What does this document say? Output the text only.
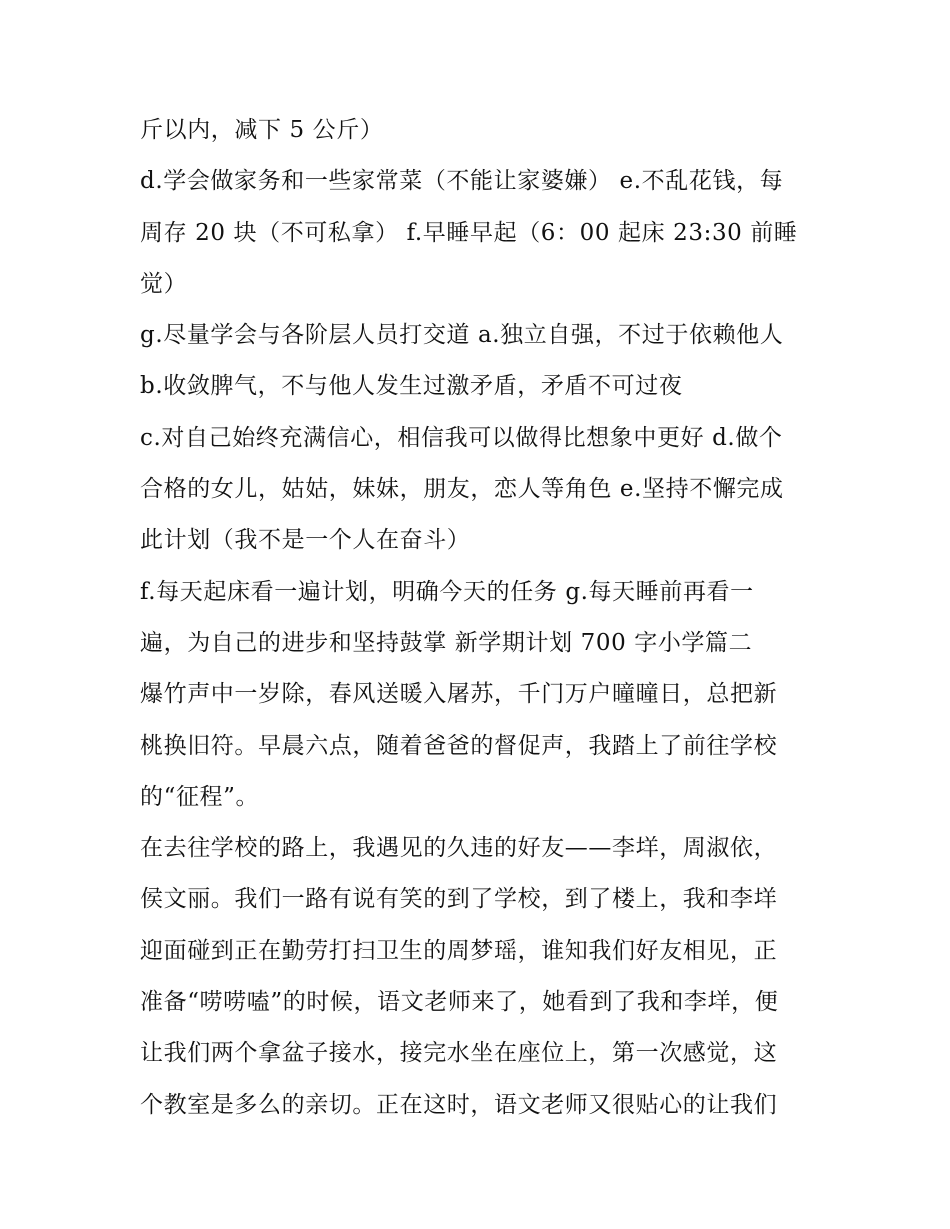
斤以内，减下 5 公斤）
d.学会做家务和一些家常菜（不能让家婆嫌） e.不乱花钱，每
周存 20 块（不可私拿） f.早睡早起（6：00 起床 23:30 前睡
觉）
g.尽量学会与各阶层人员打交道 a.独立自强，不过于依赖他人
b.收敛脾气，不与他人发生过激矛盾，矛盾不可过夜
c.对自己始终充满信心，相信我可以做得比想象中更好 d.做个
合格的女儿，姑姑，妹妹，朋友，恋人等角色 e.坚持不懈完成
此计划（我不是一个人在奋斗）
f.每天起床看一遍计划，明确今天的任务 g.每天睡前再看一
遍，为自己的进步和坚持鼓掌 新学期计划 700 字小学篇二
爆竹声中一岁除，春风送暖入屠苏，千门万户曈曈日，总把新
桃换旧符。早晨六点，随着爸爸的督促声，我踏上了前往学校
的“征程”。
在去往学校的路上，我遇见的久违的好友——李垟，周淑依，
侯文丽。我们一路有说有笑的到了学校，到了楼上，我和李垟
迎面碰到正在勤劳打扫卫生的周梦瑶，谁知我们好友相见，正
准备“唠唠嗑”的时候，语文老师来了，她看到了我和李垟，便
让我们两个拿盆子接水，接完水坐在座位上，第一次感觉，这
个教室是多么的亲切。正在这时，语文老师又很贴心的让我们
